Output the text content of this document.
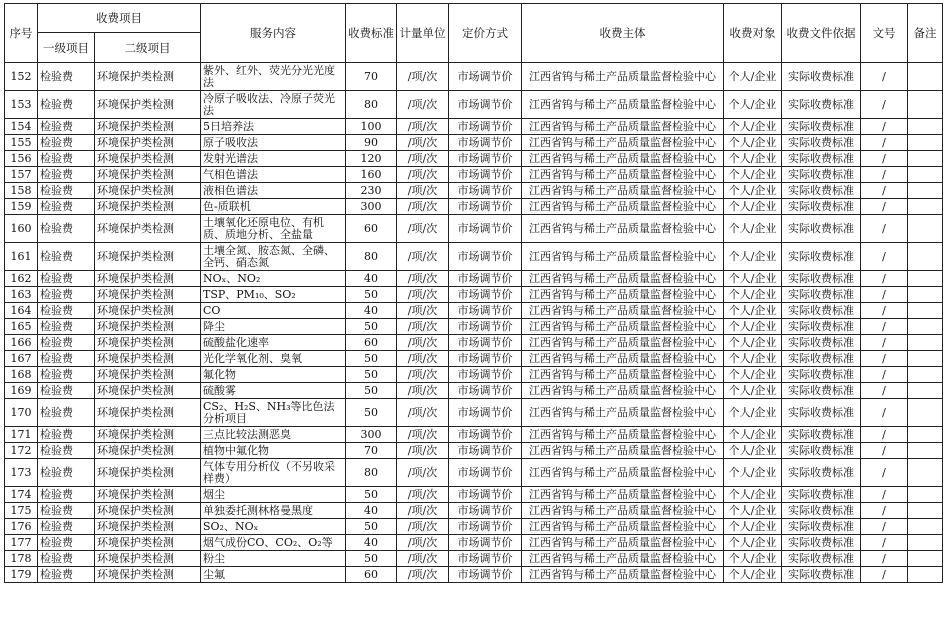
序号	收费项目		服务内容	收费标准	计量单位	定价方式	收费主体	收费对象	收费文件依据	文号	备注
	一级项目	二级项目									
152	检验费	环境保护类检测	紫外、红外、荧光分光光度法	70	/项/次	市场调节价	江西省钨与稀土产品质量监督检验中心	个人/企业	实际收费标准	/	
153	检验费	环境保护类检测	冷原子吸收法、冷原子荧光法	80	/项/次	市场调节价	江西省钨与稀土产品质量监督检验中心	个人/企业	实际收费标准	/	
154	检验费	环境保护类检测	5日培养法	100	/项/次	市场调节价	江西省钨与稀土产品质量监督检验中心	个人/企业	实际收费标准	/	
155	检验费	环境保护类检测	原子吸收法	90	/项/次	市场调节价	江西省钨与稀土产品质量监督检验中心	个人/企业	实际收费标准	/	
156	检验费	环境保护类检测	发射光谱法	120	/项/次	市场调节价	江西省钨与稀土产品质量监督检验中心	个人/企业	实际收费标准	/	
157	检验费	环境保护类检测	气相色谱法	160	/项/次	市场调节价	江西省钨与稀土产品质量监督检验中心	个人/企业	实际收费标准	/	
158	检验费	环境保护类检测	液相色谱法	230	/项/次	市场调节价	江西省钨与稀土产品质量监督检验中心	个人/企业	实际收费标准	/	
159	检验费	环境保护类检测	色-质联机	300	/项/次	市场调节价	江西省钨与稀土产品质量监督检验中心	个人/企业	实际收费标准	/	
160	检验费	环境保护类检测	土壤氧化还原电位、有机质、质地分析、全盐量	60	/项/次	市场调节价	江西省钨与稀土产品质量监督检验中心	个人/企业	实际收费标准	/	
161	检验费	环境保护类检测	土壤全氮、胺态氮、全磷、全钙、硝态氮	80	/项/次	市场调节价	江西省钨与稀土产品质量监督检验中心	个人/企业	实际收费标准	/	
162	检验费	环境保护类检测	NOₓ、NO₂	40	/项/次	市场调节价	江西省钨与稀土产品质量监督检验中心	个人/企业	实际收费标准	/	
163	检验费	环境保护类检测	TSP、PM₁₀、SO₂	50	/项/次	市场调节价	江西省钨与稀土产品质量监督检验中心	个人/企业	实际收费标准	/	
164	检验费	环境保护类检测	CO	40	/项/次	市场调节价	江西省钨与稀土产品质量监督检验中心	个人/企业	实际收费标准	/	
165	检验费	环境保护类检测	降尘	50	/项/次	市场调节价	江西省钨与稀土产品质量监督检验中心	个人/企业	实际收费标准	/	
166	检验费	环境保护类检测	硫酸盐化速率	60	/项/次	市场调节价	江西省钨与稀土产品质量监督检验中心	个人/企业	实际收费标准	/	
167	检验费	环境保护类检测	光化学氧化剂、臭氧	50	/项/次	市场调节价	江西省钨与稀土产品质量监督检验中心	个人/企业	实际收费标准	/	
168	检验费	环境保护类检测	氟化物	50	/项/次	市场调节价	江西省钨与稀土产品质量监督检验中心	个人/企业	实际收费标准	/	
169	检验费	环境保护类检测	硫酸雾	50	/项/次	市场调节价	江西省钨与稀土产品质量监督检验中心	个人/企业	实际收费标准	/	
170	检验费	环境保护类检测	CS₂、H₂S、NH₃等比色法分析项目	50	/项/次	市场调节价	江西省钨与稀土产品质量监督检验中心	个人/企业	实际收费标准	/	
171	检验费	环境保护类检测	三点比较法测恶臭	300	/项/次	市场调节价	江西省钨与稀土产品质量监督检验中心	个人/企业	实际收费标准	/	
172	检验费	环境保护类检测	植物中氟化物	70	/项/次	市场调节价	江西省钨与稀土产品质量监督检验中心	个人/企业	实际收费标准	/	
173	检验费	环境保护类检测	气体专用分析仪（不另收采样费）	80	/项/次	市场调节价	江西省钨与稀土产品质量监督检验中心	个人/企业	实际收费标准	/	
174	检验费	环境保护类检测	烟尘	50	/项/次	市场调节价	江西省钨与稀土产品质量监督检验中心	个人/企业	实际收费标准	/	
175	检验费	环境保护类检测	单独委托测林格曼黑度	40	/项/次	市场调节价	江西省钨与稀土产品质量监督检验中心	个人/企业	实际收费标准	/	
176	检验费	环境保护类检测	SO₂、NOₓ	50	/项/次	市场调节价	江西省钨与稀土产品质量监督检验中心	个人/企业	实际收费标准	/	
177	检验费	环境保护类检测	烟气成份CO、CO₂、O₂等	40	/项/次	市场调节价	江西省钨与稀土产品质量监督检验中心	个人/企业	实际收费标准	/	
178	检验费	环境保护类检测	粉尘	50	/项/次	市场调节价	江西省钨与稀土产品质量监督检验中心	个人/企业	实际收费标准	/	
179	检验费	环境保护类检测	尘氟	60	/项/次	市场调节价	江西省钨与稀土产品质量监督检验中心	个人/企业	实际收费标准	/	
